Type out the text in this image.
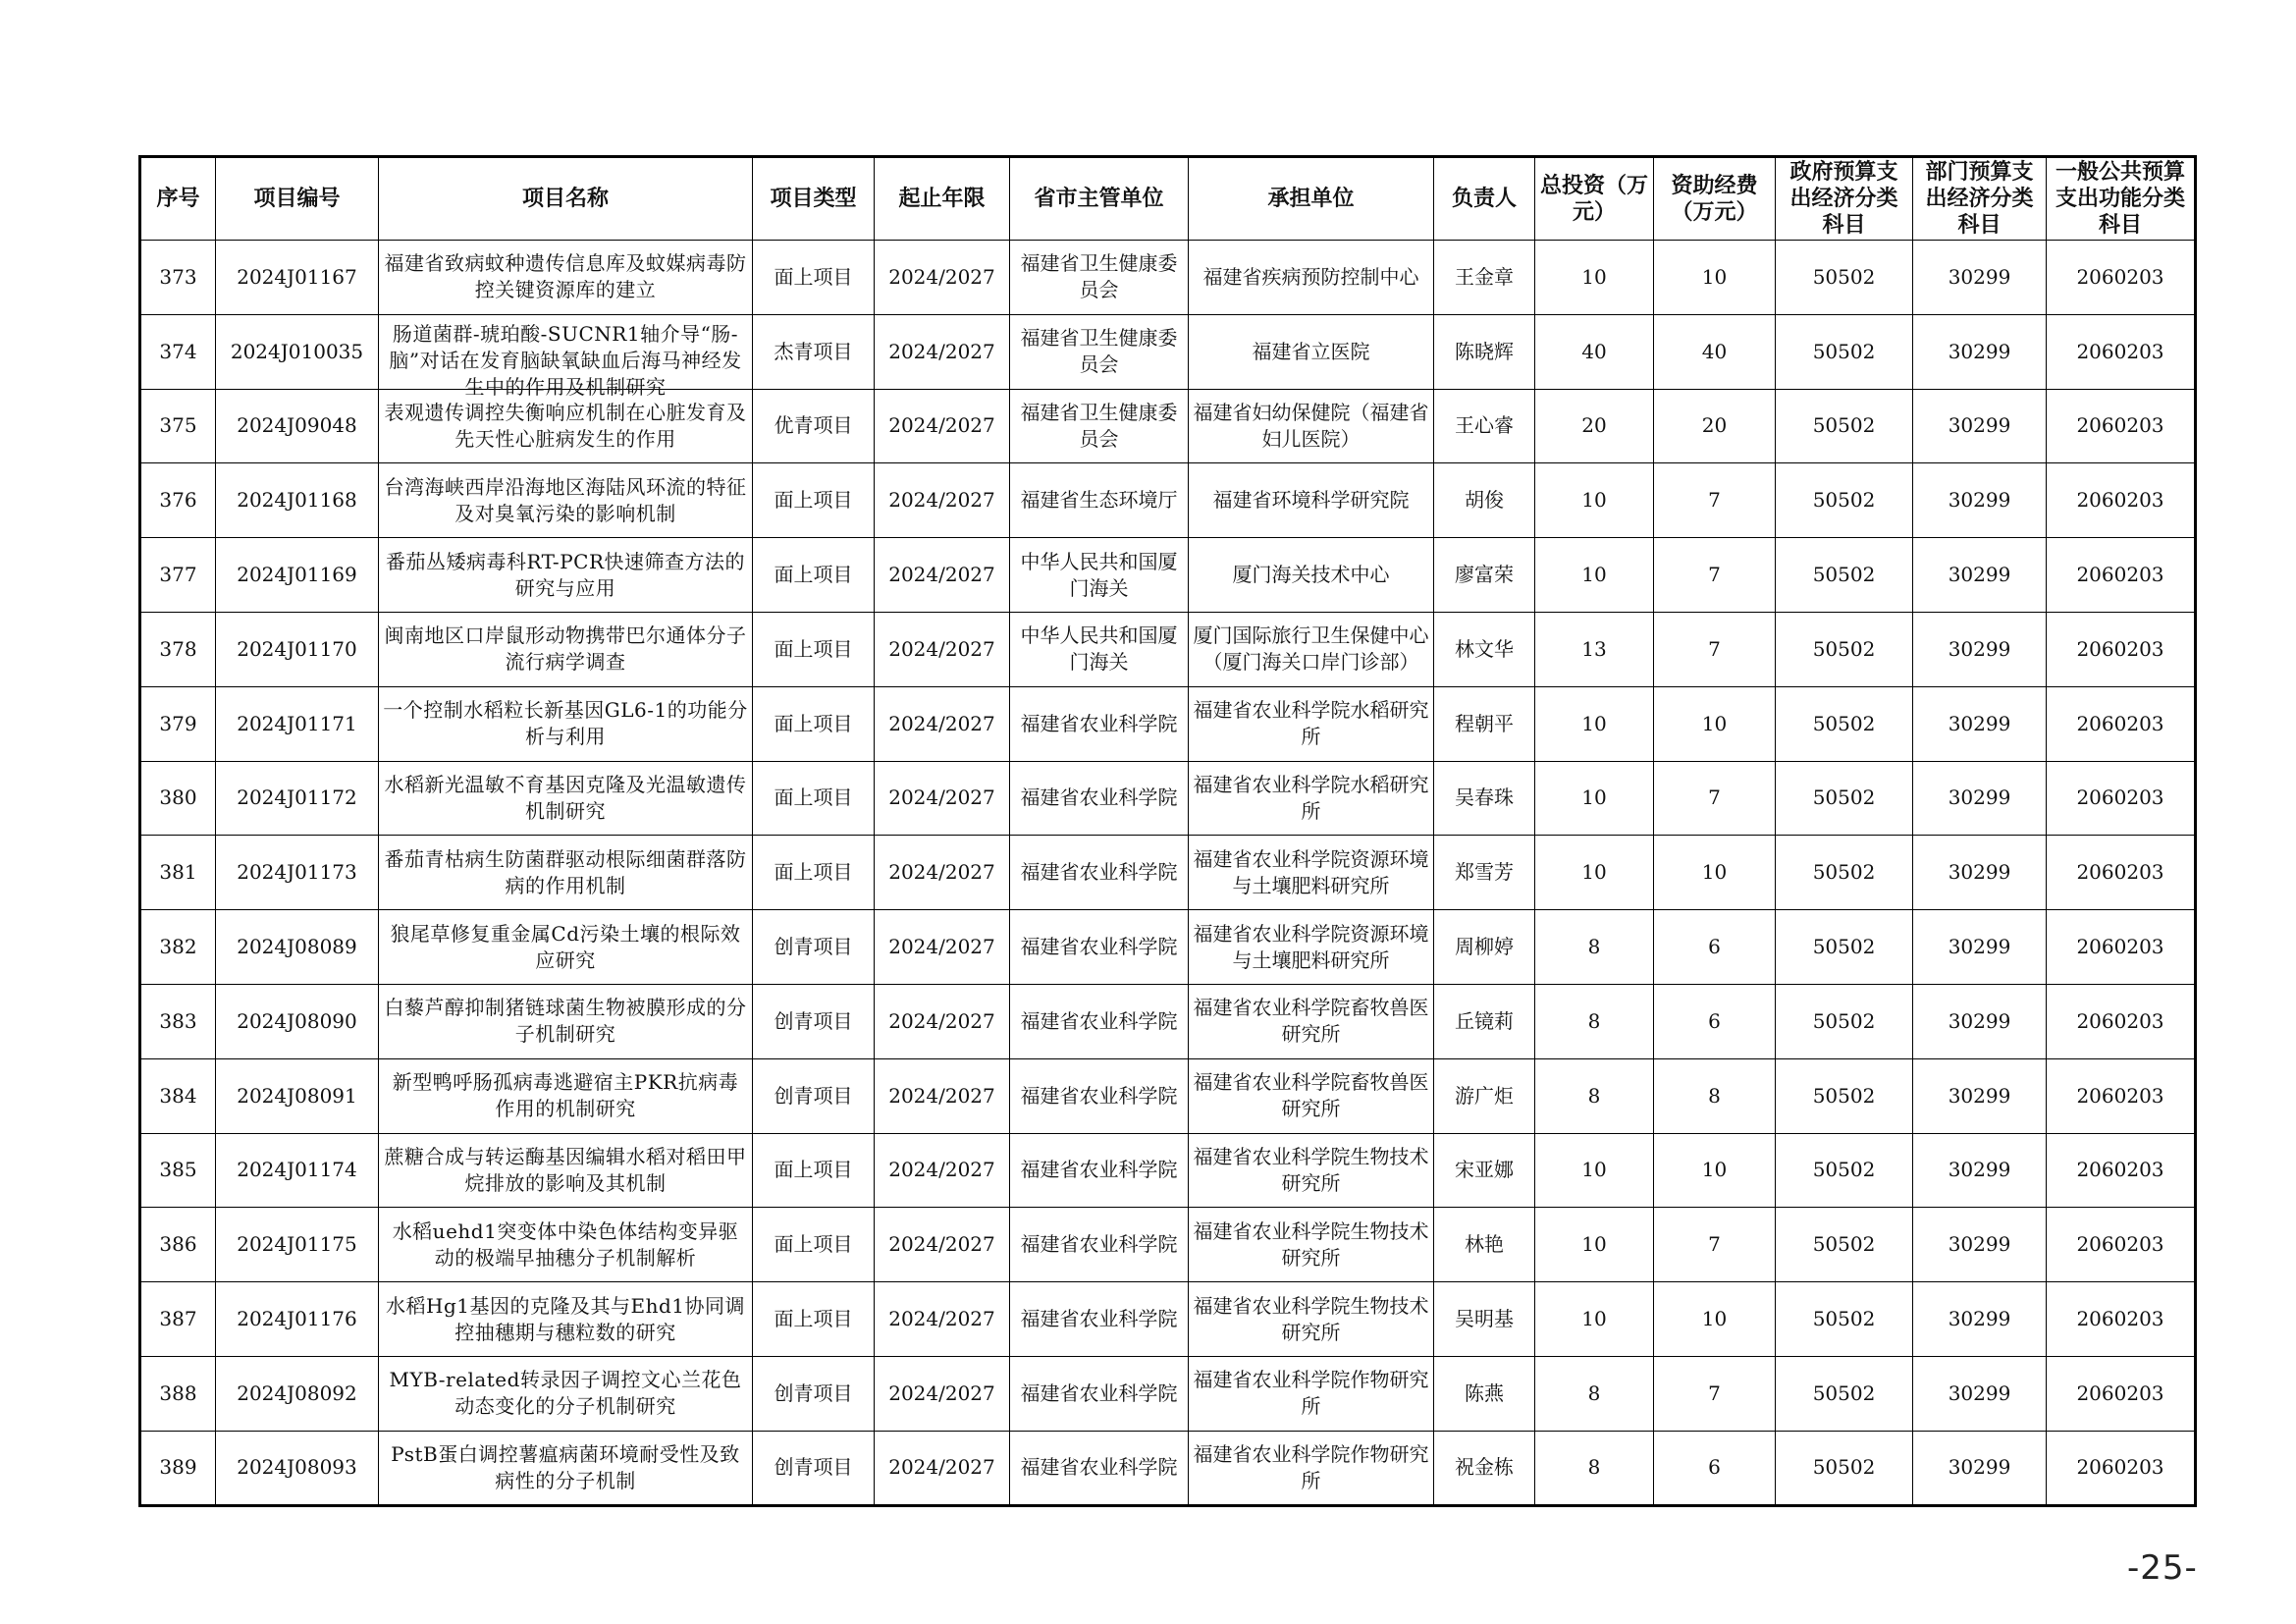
序号	项目编号	项目名称	项目类型	起止年限	省市主管单位	承担单位	负责人	总投资（万元）	资助经费（万元）	政府预算支出经济分类科目	部门预算支出经济分类科目	一般公共预算支出功能分类科目
373	2024J01167	福建省致病蚊种遗传信息库及蚊媒病毒防控关键资源库的建立	面上项目	2024/2027	福建省卫生健康委员会	福建省疾病预防控制中心	王金章	10	10	50502	30299	2060203
374	2024J010035	肠道菌群-琥珀酸-SUCNR1轴介导“肠-脑”对话在发育脑缺氧缺血后海马神经发生中的作用及机制研究	杰青项目	2024/2027	福建省卫生健康委员会	福建省立医院	陈晓辉	40	40	50502	30299	2060203
375	2024J09048	表观遗传调控失衡响应机制在心脏发育及先天性心脏病发生的作用	优青项目	2024/2027	福建省卫生健康委员会	福建省妇幼保健院（福建省妇儿医院）	王心睿	20	20	50502	30299	2060203
376	2024J01168	台湾海峡西岸沿海地区海陆风环流的特征及对臭氧污染的影响机制	面上项目	2024/2027	福建省生态环境厅	福建省环境科学研究院	胡俊	10	7	50502	30299	2060203
377	2024J01169	番茄丛矮病毒科RT-PCR快速筛查方法的研究与应用	面上项目	2024/2027	中华人民共和国厦门海关	厦门海关技术中心	廖富荣	10	7	50502	30299	2060203
378	2024J01170	闽南地区口岸鼠形动物携带巴尔通体分子流行病学调查	面上项目	2024/2027	中华人民共和国厦门海关	厦门国际旅行卫生保健中心（厦门海关口岸门诊部）	林文华	13	7	50502	30299	2060203
379	2024J01171	一个控制水稻粒长新基因GL6-1的功能分析与利用	面上项目	2024/2027	福建省农业科学院	福建省农业科学院水稻研究所	程朝平	10	10	50502	30299	2060203
380	2024J01172	水稻新光温敏不育基因克隆及光温敏遗传机制研究	面上项目	2024/2027	福建省农业科学院	福建省农业科学院水稻研究所	吴春珠	10	7	50502	30299	2060203
381	2024J01173	番茄青枯病生防菌群驱动根际细菌群落防病的作用机制	面上项目	2024/2027	福建省农业科学院	福建省农业科学院资源环境与土壤肥料研究所	郑雪芳	10	10	50502	30299	2060203
382	2024J08089	狼尾草修复重金属Cd污染土壤的根际效应研究	创青项目	2024/2027	福建省农业科学院	福建省农业科学院资源环境与土壤肥料研究所	周柳婷	8	6	50502	30299	2060203
383	2024J08090	白藜芦醇抑制猪链球菌生物被膜形成的分子机制研究	创青项目	2024/2027	福建省农业科学院	福建省农业科学院畜牧兽医研究所	丘镜莉	8	6	50502	30299	2060203
384	2024J08091	新型鸭呼肠孤病毒逃避宿主PKR抗病毒作用的机制研究	创青项目	2024/2027	福建省农业科学院	福建省农业科学院畜牧兽医研究所	游广炬	8	8	50502	30299	2060203
385	2024J01174	蔗糖合成与转运酶基因编辑水稻对稻田甲烷排放的影响及其机制	面上项目	2024/2027	福建省农业科学院	福建省农业科学院生物技术研究所	宋亚娜	10	10	50502	30299	2060203
386	2024J01175	水稻uehd1突变体中染色体结构变异驱动的极端早抽穗分子机制解析	面上项目	2024/2027	福建省农业科学院	福建省农业科学院生物技术研究所	林艳	10	7	50502	30299	2060203
387	2024J01176	水稻Hg1基因的克隆及其与Ehd1协同调控抽穗期与穗粒数的研究	面上项目	2024/2027	福建省农业科学院	福建省农业科学院生物技术研究所	吴明基	10	10	50502	30299	2060203
388	2024J08092	MYB-related转录因子调控文心兰花色动态变化的分子机制研究	创青项目	2024/2027	福建省农业科学院	福建省农业科学院作物研究所	陈燕	8	7	50502	30299	2060203
389	2024J08093	PstB蛋白调控薯瘟病菌环境耐受性及致病性的分子机制	创青项目	2024/2027	福建省农业科学院	福建省农业科学院作物研究所	祝金栋	8	6	50502	30299	2060203
-25-
